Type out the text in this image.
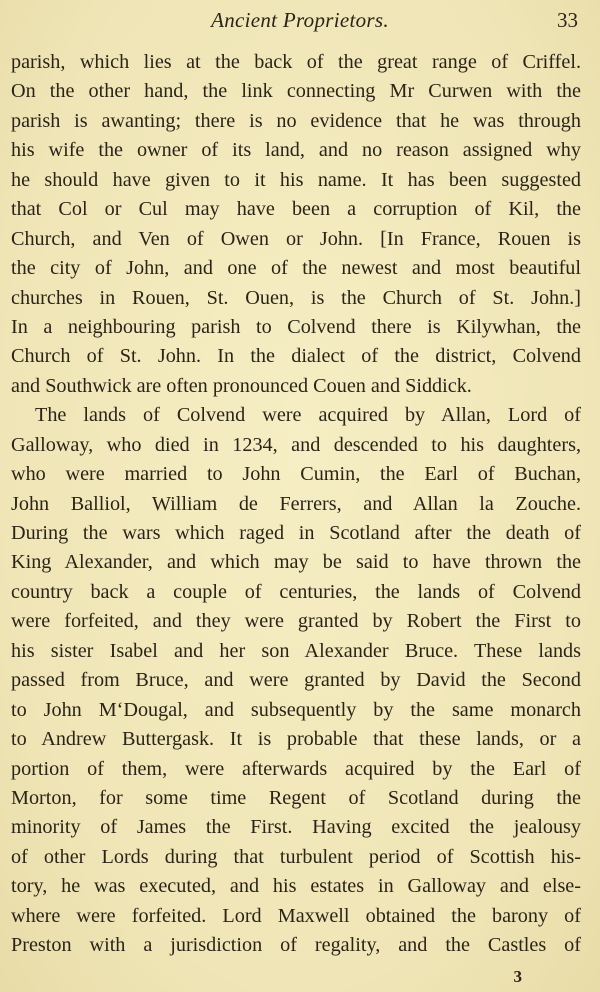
Ancient Proprietors.	33
parish, which lies at the back of the great range of Criffel.
On the other hand, the link connecting Mr Curwen with the
parish is awanting; there is no evidence that he was through
his wife the owner of its land, and no reason assigned why
he should have given to it his name. It has been suggested
that Col or Cul may have been a corruption of Kil, the
Church, and Ven of Owen or John. [In France, Rouen is
the city of John, and one of the newest and most beautiful
churches in Rouen, St. Ouen, is the Church of St. John.]
In a neighbouring parish to Colvend there is Kilywhan, the
Church of St. John. In the dialect of the district, Colvend
and Southwick are often pronounced Couen and Siddick.
The lands of Colvend were acquired by Allan, Lord of
Galloway, who died in 1234, and descended to his daughters,
who were married to John Cumin, the Earl of Buchan,
John Balliol, William de Ferrers, and Allan la Zouche.
During the wars which raged in Scotland after the death of
King Alexander, and which may be said to have thrown the
country back a couple of centuries, the lands of Colvend
were forfeited, and they were granted by Robert the First to
his sister Isabel and her son Alexander Bruce. These lands
passed from Bruce, and were granted by David the Second
to John M‘Dougal, and subsequently by the same monarch
to Andrew Buttergask. It is probable that these lands, or a
portion of them, were afterwards acquired by the Earl of
Morton, for some time Regent of Scotland during the
minority of James the First. Having excited the jealousy
of other Lords during that turbulent period of Scottish his-
tory, he was executed, and his estates in Galloway and else-
where were forfeited. Lord Maxwell obtained the barony of
Preston with a jurisdiction of regality, and the Castles of
3
